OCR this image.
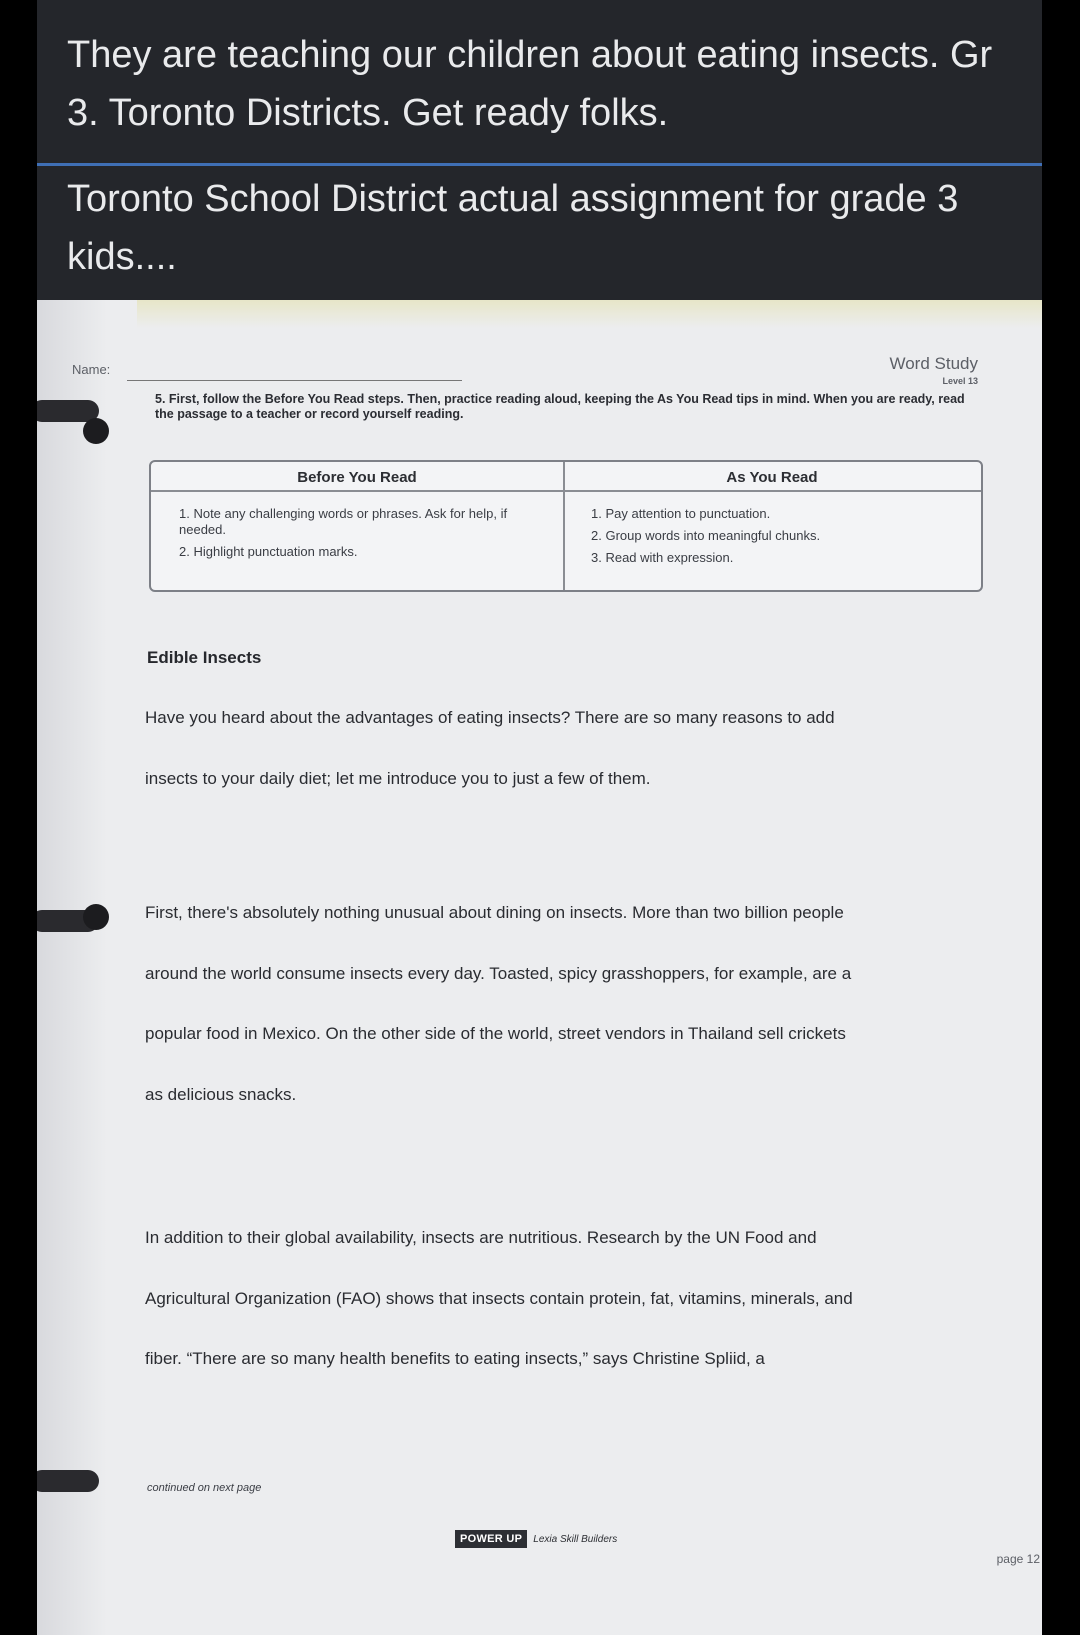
They are teaching our children about eating insects. Gr 3. Toronto Districts. Get ready folks.
Toronto School District actual assignment for grade 3 kids....
Word Study
Level 13
Name:
5. First, follow the Before You Read steps. Then, practice reading aloud, keeping the As You Read tips in mind. When you are ready, read the passage to a teacher or record yourself reading.
Before You Read	As You Read
1. Note any challenging words or phrases. Ask for help, if needed.
2. Highlight punctuation marks.
1. Pay attention to punctuation.
2. Group words into meaningful chunks.
3. Read with expression.
Edible Insects

Have you heard about the advantages of eating insects? There are so many reasons to add insects to your daily diet; let me introduce you to just a few of them.

First, there's absolutely nothing unusual about dining on insects. More than two billion people around the world consume insects every day. Toasted, spicy grasshoppers, for example, are a popular food in Mexico. On the other side of the world, street vendors in Thailand sell crickets as delicious snacks.

In addition to their global availability, insects are nutritious. Research by the UN Food and Agricultural Organization (FAO) shows that insects contain protein, fat, vitamins, minerals, and fiber. “There are so many health benefits to eating insects,” says Christine Spliid, a

continued on next page
POWER UP	Lexia Skill Builders
page 12
